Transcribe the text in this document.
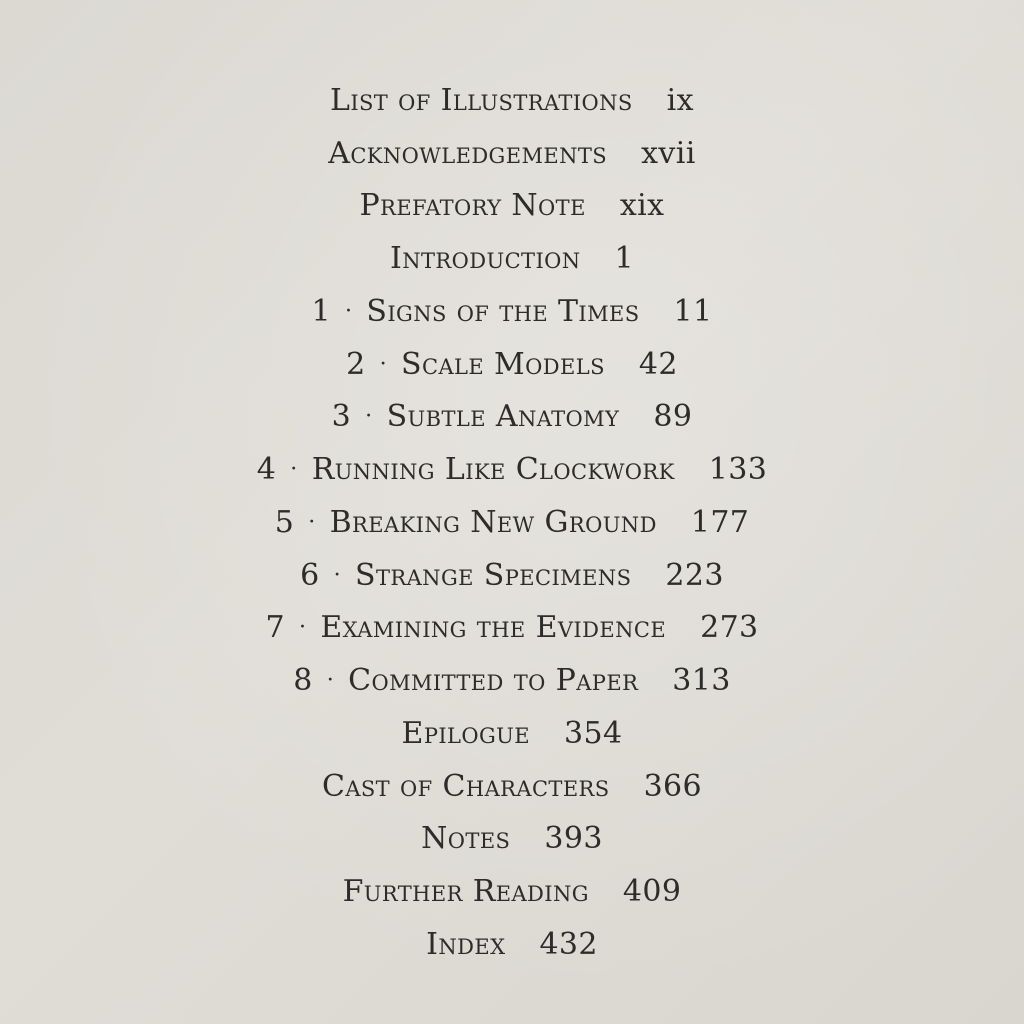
List of Illustrations ix
Acknowledgements xvii
Prefatory Note xix
Introduction 1
1 · Signs of the Times 11
2 · Scale Models 42
3 · Subtle Anatomy 89
4 · Running Like Clockwork 133
5 · Breaking New Ground 177
6 · Strange Specimens 223
7 · Examining the Evidence 273
8 · Committed to Paper 313
Epilogue 354
Cast of Characters 366
Notes 393
Further Reading 409
Index 432
